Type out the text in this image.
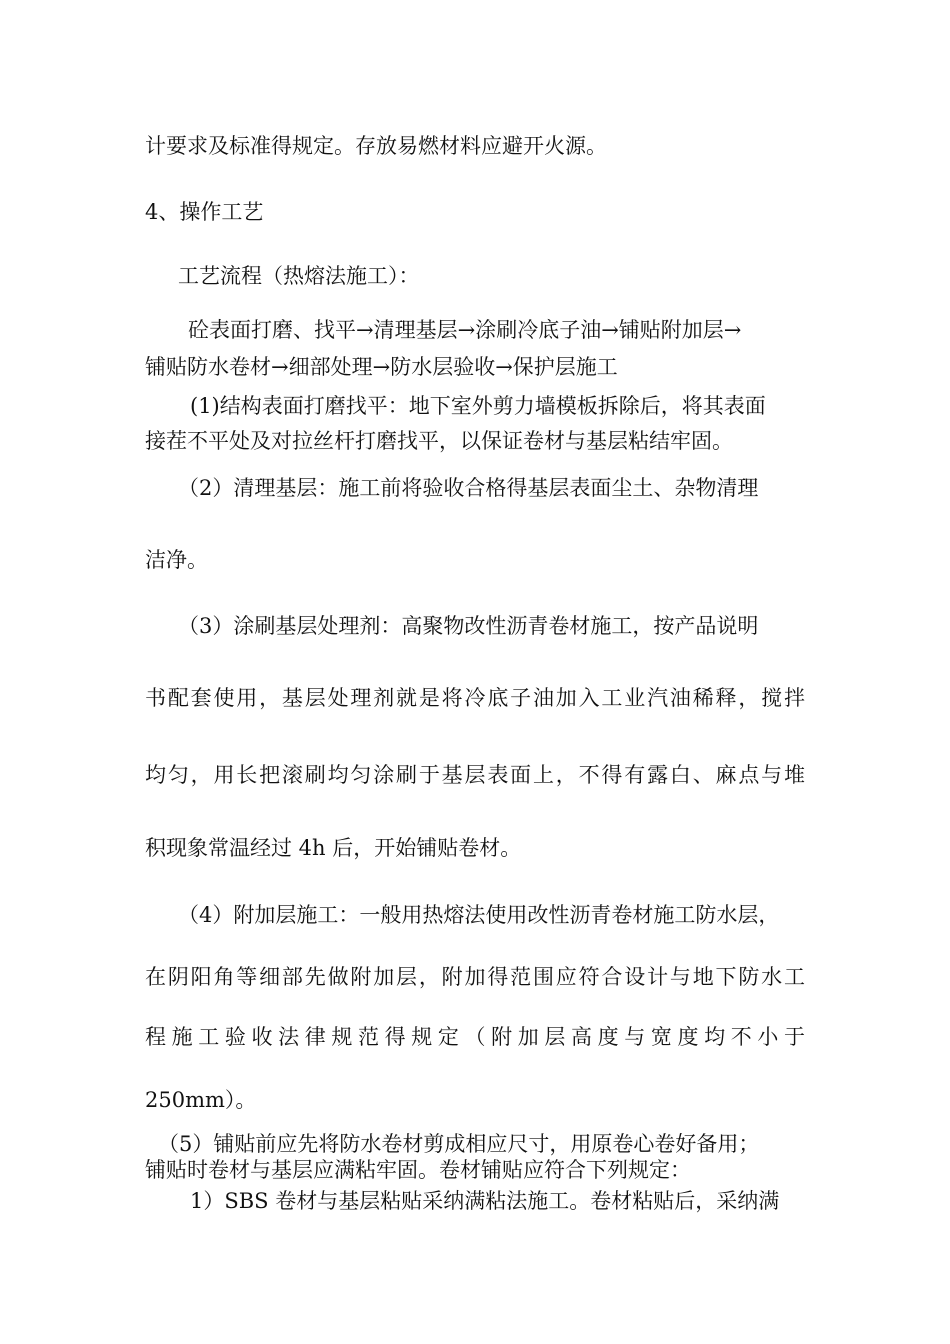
计要求及标准得规定。存放易燃材料应避开火源。

4、操作工艺

工艺流程（热熔法施工）：

砼表面打磨、找平→清理基层→涂刷冷底子油→铺贴附加层→

铺贴防水卷材→细部处理→防水层验收→保护层施工

(1)结构表面打磨找平：地下室外剪力墙模板拆除后，将其表面

接茬不平处及对拉丝杆打磨找平，以保证卷材与基层粘结牢固。

（2）清理基层：施工前将验收合格得基层表面尘土、杂物清理

洁净。

（3）涂刷基层处理剂：高聚物改性沥青卷材施工，按产品说明

书配套使用，基层处理剂就是将冷底子油加入工业汽油稀释，搅拌

均匀，用长把滚刷均匀涂刷于基层表面上，不得有露白、麻点与堆

积现象常温经过 4h 后，开始铺贴卷材。

（4）附加层施工：一般用热熔法使用改性沥青卷材施工防水层，

在阴阳角等细部先做附加层，附加得范围应符合设计与地下防水工

程施工验收法律规范得规定（附加层高度与宽度均不小于

250mm）。

（5）铺贴前应先将防水卷材剪成相应尺寸，用原卷心卷好备用；

铺贴时卷材与基层应满粘牢固。卷材铺贴应符合下列规定：

1）SBS 卷材与基层粘贴采纳满粘法施工。卷材粘贴后，采纳满
